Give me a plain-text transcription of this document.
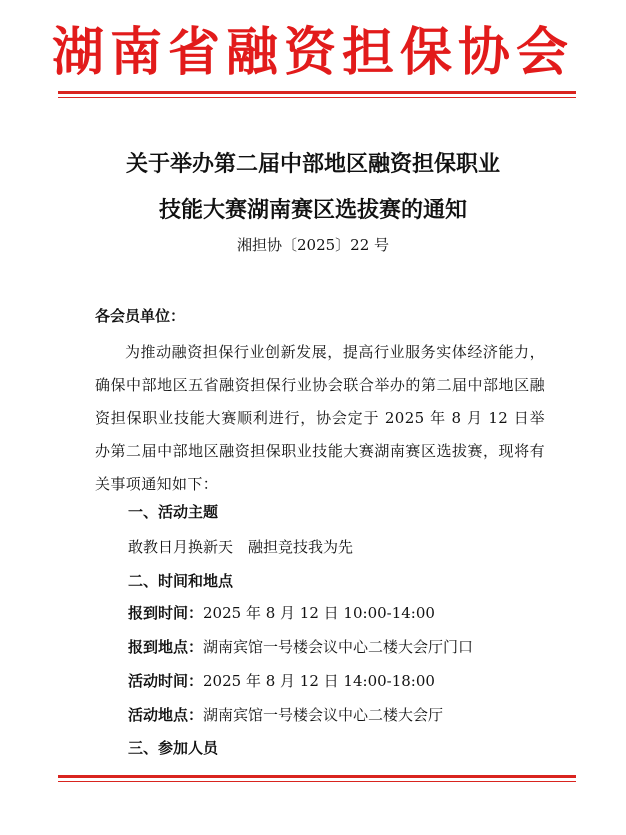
湖南省融资担保协会
关于举办第二届中部地区融资担保职业
技能大赛湖南赛区选拔赛的通知
湘担协〔2025〕22 号
各会员单位：
为推动融资担保行业创新发展，提高行业服务实体经济能力，确保中部地区五省融资担保行业协会联合举办的第二届中部地区融资担保职业技能大赛顺利进行，协会定于 2025 年 8 月 12 日举办第二届中部地区融资担保职业技能大赛湖南赛区选拔赛，现将有关事项通知如下：
一、活动主题
敢教日月换新天　融担竞技我为先
二、时间和地点
报到时间：2025 年 8 月 12 日 10:00-14:00
报到地点：湖南宾馆一号楼会议中心二楼大会厅门口
活动时间：2025 年 8 月 12 日 14:00-18:00
活动地点：湖南宾馆一号楼会议中心二楼大会厅
三、参加人员
